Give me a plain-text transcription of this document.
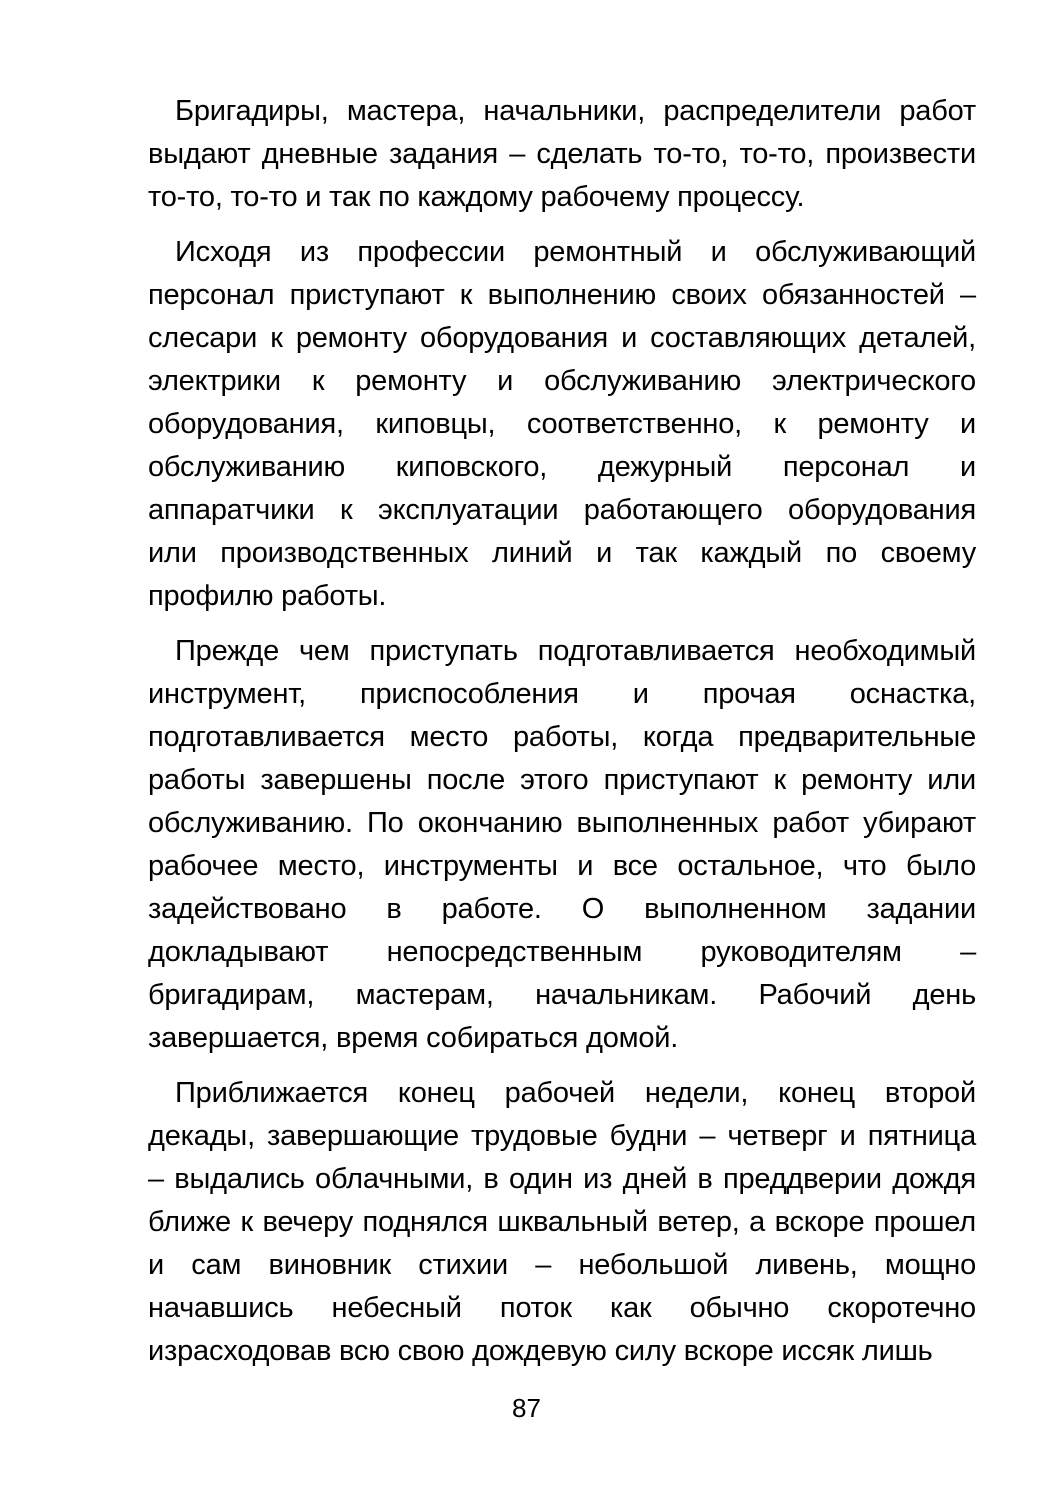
Бригадиры, мастера, начальники, распределители работ
выдают дневные задания – сделать то-то, то-то, произвести
то-то, то-то и так по каждому рабочему процессу.

Исходя из профессии ремонтный и обслуживающий
персонал приступают к выполнению своих обязанностей –
слесари к ремонту оборудования и составляющих деталей,
электрики к ремонту и обслуживанию электрического
оборудования, киповцы, соответственно, к ремонту и
обслуживанию киповского, дежурный персонал и
аппаратчики к эксплуатации работающего оборудования
или производственных линий и так каждый по своему
профилю работы.

Прежде чем приступать подготавливается необходимый
инструмент, приспособления и прочая оснастка,
подготавливается место работы, когда предварительные
работы завершены после этого приступают к ремонту или
обслуживанию. По окончанию выполненных работ убирают
рабочее место, инструменты и все остальное, что было
задействовано в работе. О выполненном задании
докладывают непосредственным руководителям –
бригадирам, мастерам, начальникам. Рабочий день
завершается, время собираться домой.

Приближается конец рабочей недели, конец второй
декады, завершающие трудовые будни – четверг и пятница
– выдались облачными, в один из дней в преддверии дождя
ближе к вечеру поднялся шквальный ветер, а вскоре прошел
и сам виновник стихии – небольшой ливень, мощно
начавшись небесный поток как обычно скоротечно
израсходовав всю свою дождевую силу вскоре иссяк лишь

87
